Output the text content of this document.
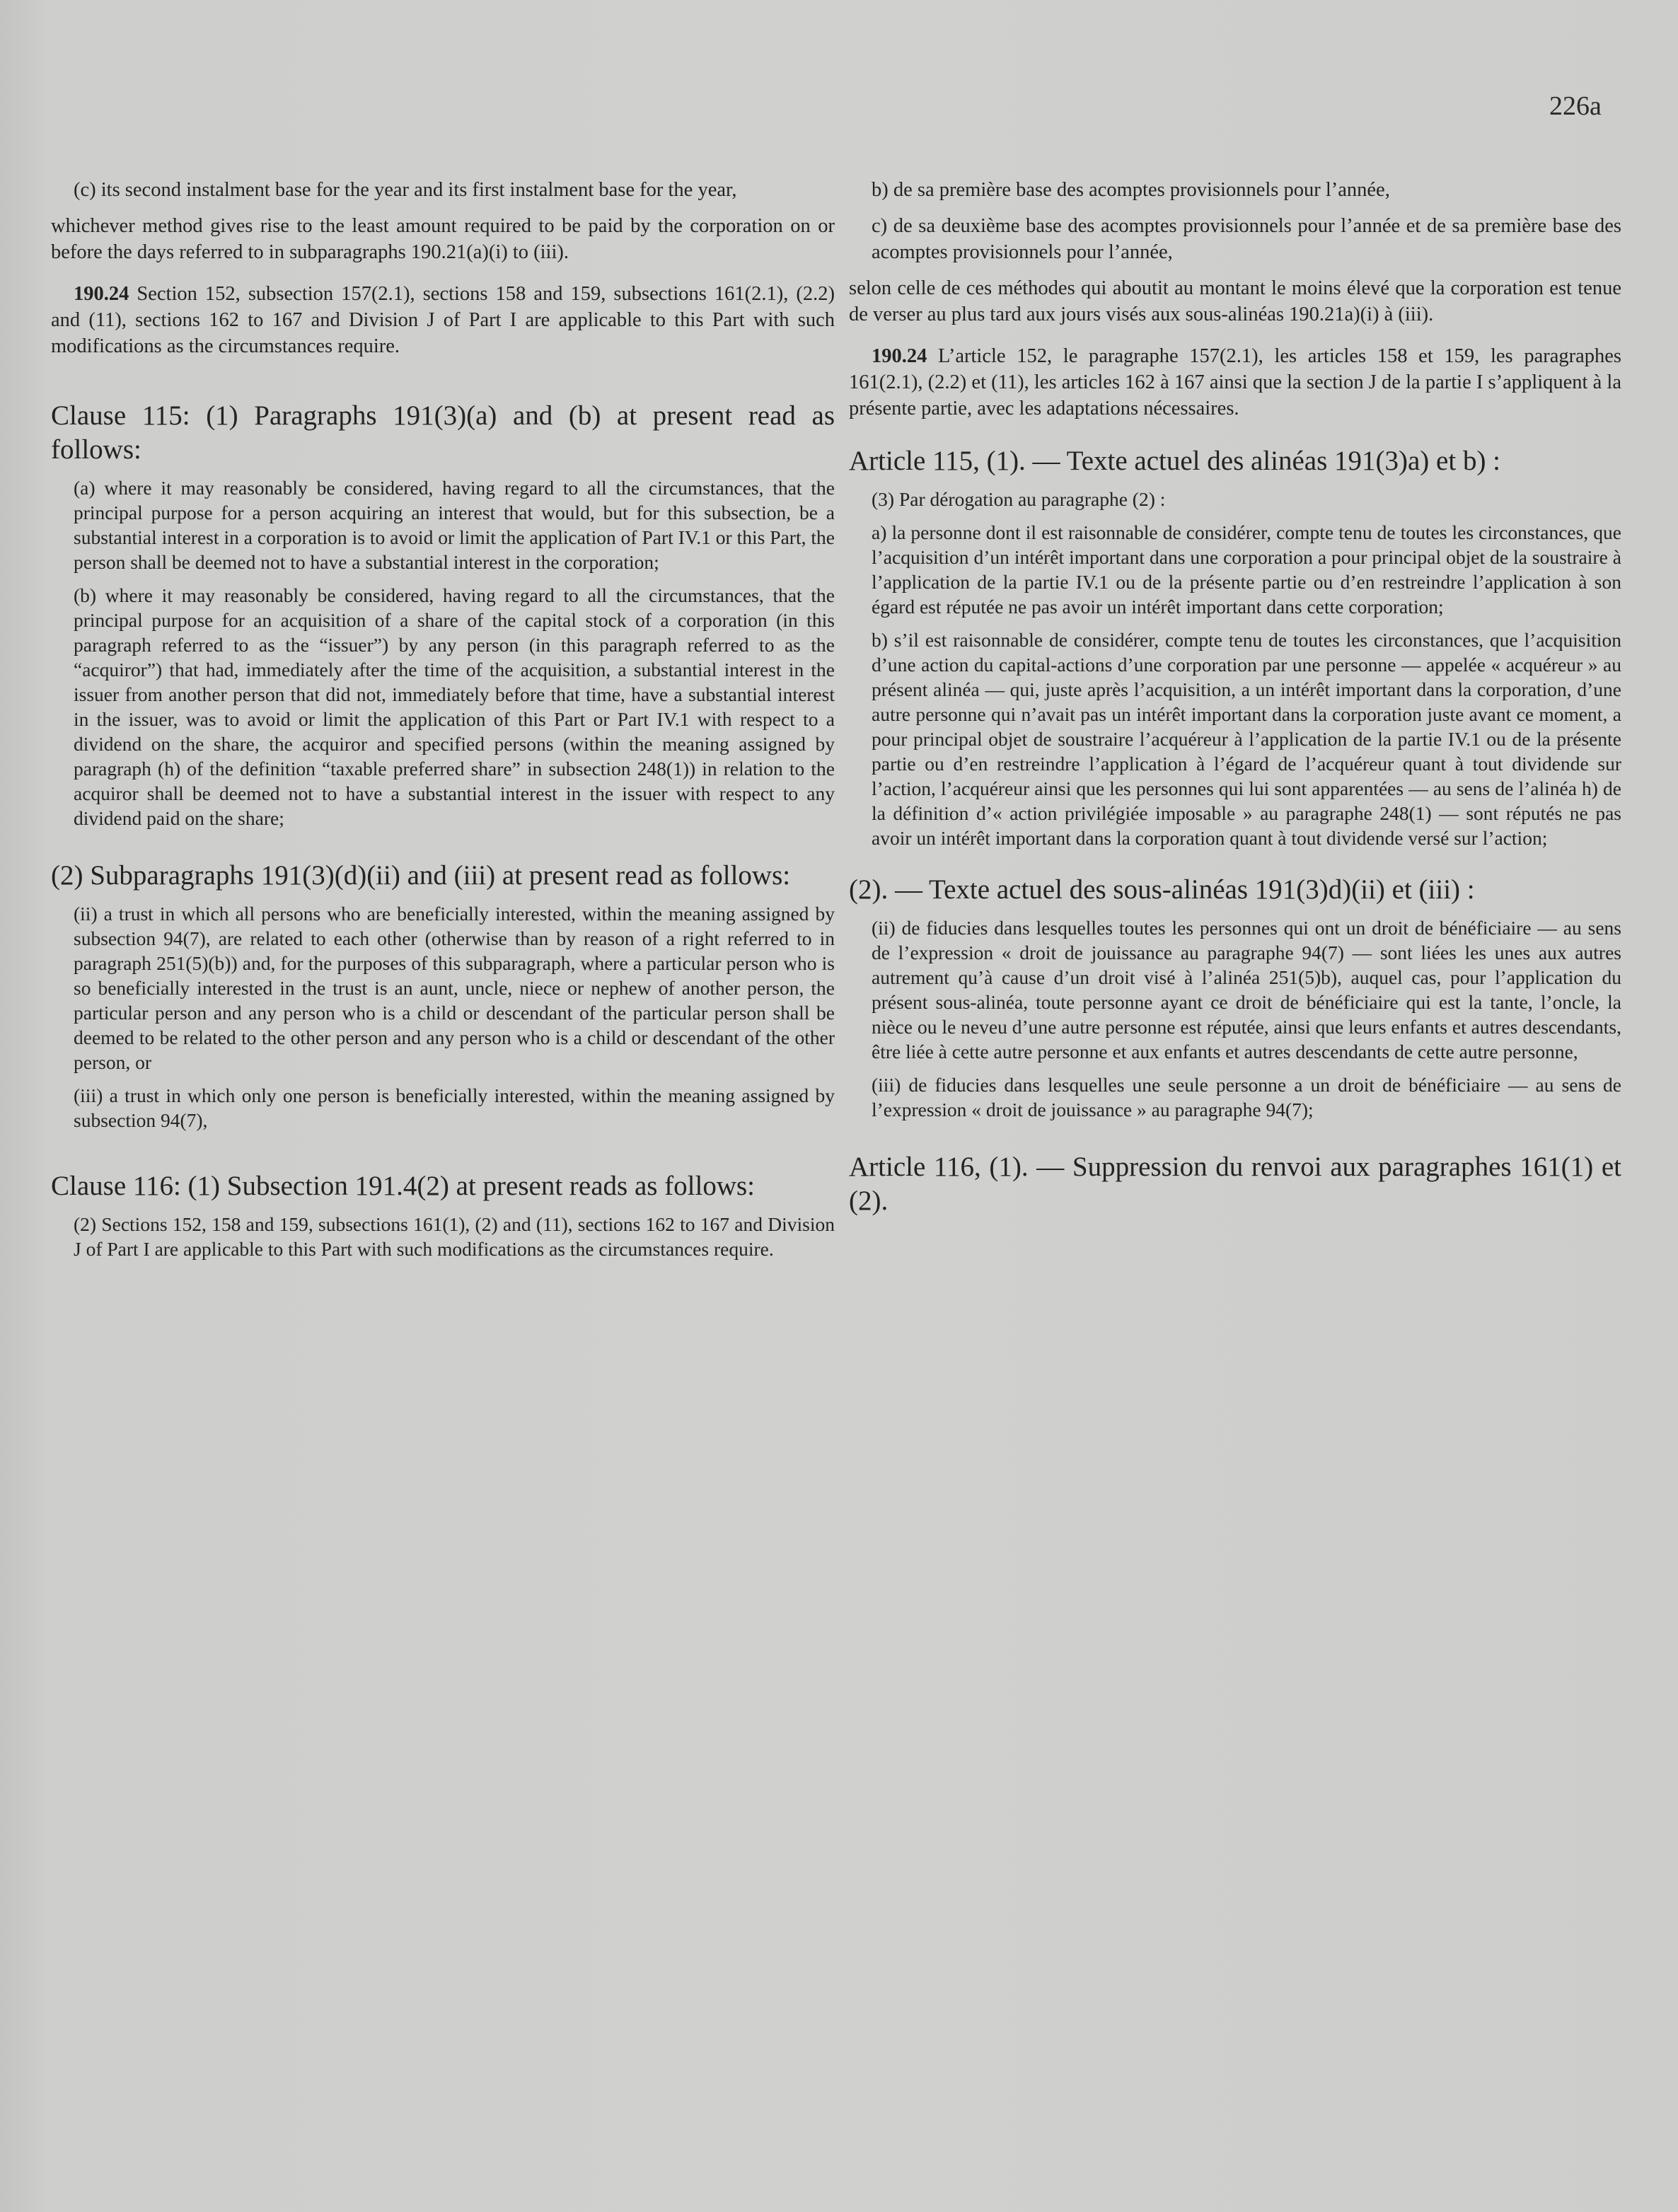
226a

(c) its second instalment base for the year and its first instalment base for the year,

whichever method gives rise to the least amount required to be paid by the corporation on or before the days referred to in subparagraphs 190.21(a)(i) to (iii).

190.24 Section 152, subsection 157(2.1), sections 158 and 159, subsections 161(2.1), (2.2) and (11), sections 162 to 167 and Division J of Part I are applicable to this Part with such modifications as the circumstances require.

Clause 115: (1) Paragraphs 191(3)(a) and (b) at present read as follows:

(a) where it may reasonably be considered, having regard to all the circumstances, that the principal purpose for a person acquiring an interest that would, but for this subsection, be a substantial interest in a corporation is to avoid or limit the application of Part IV.1 or this Part, the person shall be deemed not to have a substantial interest in the corporation;

(b) where it may reasonably be considered, having regard to all the circumstances, that the principal purpose for an acquisition of a share of the capital stock of a corporation (in this paragraph referred to as the “issuer”) by any person (in this paragraph referred to as the “acquiror”) that had, immediately after the time of the acquisition, a substantial interest in the issuer from another person that did not, immediately before that time, have a substantial interest in the issuer, was to avoid or limit the application of this Part or Part IV.1 with respect to a dividend on the share, the acquiror and specified persons (within the meaning assigned by paragraph (h) of the definition “taxable preferred share” in subsection 248(1)) in relation to the acquiror shall be deemed not to have a substantial interest in the issuer with respect to any dividend paid on the share;

(2) Subparagraphs 191(3)(d)(ii) and (iii) at present read as follows:

(ii) a trust in which all persons who are beneficially interested, within the meaning assigned by subsection 94(7), are related to each other (otherwise than by reason of a right referred to in paragraph 251(5)(b)) and, for the purposes of this subparagraph, where a particular person who is so beneficially interested in the trust is an aunt, uncle, niece or nephew of another person, the particular person and any person who is a child or descendant of the particular person shall be deemed to be related to the other person and any person who is a child or descendant of the other person, or

(iii) a trust in which only one person is beneficially interested, within the meaning assigned by subsection 94(7),

Clause 116: (1) Subsection 191.4(2) at present reads as follows:

(2) Sections 152, 158 and 159, subsections 161(1), (2) and (11), sections 162 to 167 and Division J of Part I are applicable to this Part with such modifications as the circumstances require.

b) de sa première base des acomptes provisionnels pour l’année,

c) de sa deuxième base des acomptes provisionnels pour l’année et de sa première base des acomptes provisionnels pour l’année,

selon celle de ces méthodes qui aboutit au montant le moins élevé que la corporation est tenue de verser au plus tard aux jours visés aux sous-alinéas 190.21a)(i) à (iii).

190.24 L’article 152, le paragraphe 157(2.1), les articles 158 et 159, les paragraphes 161(2.1), (2.2) et (11), les articles 162 à 167 ainsi que la section J de la partie I s’appliquent à la présente partie, avec les adaptations nécessaires.

Article 115, (1). — Texte actuel des alinéas 191(3)a) et b) :

(3) Par dérogation au paragraphe (2) :

a) la personne dont il est raisonnable de considérer, compte tenu de toutes les circonstances, que l’acquisition d’un intérêt important dans une corporation a pour principal objet de la soustraire à l’application de la partie IV.1 ou de la présente partie ou d’en restreindre l’application à son égard est réputée ne pas avoir un intérêt important dans cette corporation;

b) s’il est raisonnable de considérer, compte tenu de toutes les circonstances, que l’acquisition d’une action du capital-actions d’une corporation par une personne — appelée « acquéreur » au présent alinéa — qui, juste après l’acquisition, a un intérêt important dans la corporation, d’une autre personne qui n’avait pas un intérêt important dans la corporation juste avant ce moment, a pour principal objet de soustraire l’acquéreur à l’application de la partie IV.1 ou de la présente partie ou d’en restreindre l’application à l’égard de l’acquéreur quant à tout dividende sur l’action, l’acquéreur ainsi que les personnes qui lui sont apparentées — au sens de l’alinéa h) de la définition d’« action privilégiée imposable » au paragraphe 248(1) — sont réputés ne pas avoir un intérêt important dans la corporation quant à tout dividende versé sur l’action;

(2). — Texte actuel des sous-alinéas 191(3)d)(ii) et (iii) :

(ii) de fiducies dans lesquelles toutes les personnes qui ont un droit de bénéficiaire — au sens de l’expression « droit de jouissance au paragraphe 94(7) — sont liées les unes aux autres autrement qu’à cause d’un droit visé à l’alinéa 251(5)b), auquel cas, pour l’application du présent sous-alinéa, toute personne ayant ce droit de bénéficiaire qui est la tante, l’oncle, la nièce ou le neveu d’une autre personne est réputée, ainsi que leurs enfants et autres descendants, être liée à cette autre personne et aux enfants et autres descendants de cette autre personne,

(iii) de fiducies dans lesquelles une seule personne a un droit de bénéficiaire — au sens de l’expression « droit de jouissance » au paragraphe 94(7);

Article 116, (1). — Suppression du renvoi aux paragraphes 161(1) et (2).
